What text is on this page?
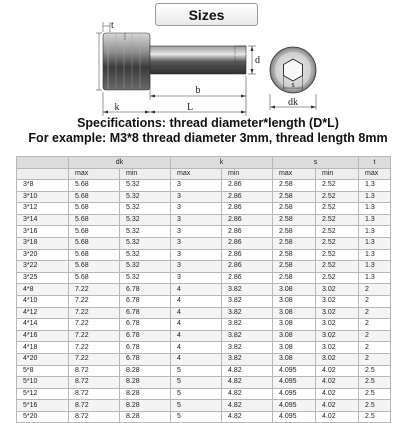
Sizes
t
d
b
k	L
s
dk
Specifications: thread diameter*length (D*L)
For example: M3*8 thread diameter 3mm, thread length 8mm
	dk		k		s		t
	max	min	max	min	max	min	max
3*8	5.68	5.32	3	2.86	2.58	2.52	1.3
3*10	5.68	5.32	3	2.86	2.58	2.52	1.3
3*12	5.68	5.32	3	2.86	2.58	2.52	1.3
3*14	5.68	5.32	3	2.86	2.58	2.52	1.3
3*16	5.68	5.32	3	2.86	2.58	2.52	1.3
3*18	5.68	5.32	3	2.86	2.58	2.52	1.3
3*20	5.68	5.32	3	2.86	2.58	2.52	1.3
3*22	5.68	5.32	3	2.86	2.58	2.52	1.3
3*25	5.68	5.32	3	2.86	2.58	2.52	1.3
4*8	7.22	6.78	4	3.82	3.08	3.02	2
4*10	7.22	6.78	4	3.82	3.08	3.02	2
4*12	7.22	6.78	4	3.82	3.08	3.02	2
4*14	7.22	6.78	4	3.82	3.08	3.02	2
4*16	7.22	6.78	4	3.82	3.08	3.02	2
4*18	7.22	6.78	4	3.82	3.08	3.02	2
4*20	7.22	6.78	4	3.82	3.08	3.02	2
5*8	8.72	8.28	5	4.82	4.095	4.02	2.5
5*10	8.72	8.28	5	4.82	4.095	4.02	2.5
5*12	8.72	8.28	5	4.82	4.095	4.02	2.5
5*16	8.72	8.28	5	4.82	4.095	4.02	2.5
5*20	8.72	8.28	5	4.82	4.095	4.02	2.5
